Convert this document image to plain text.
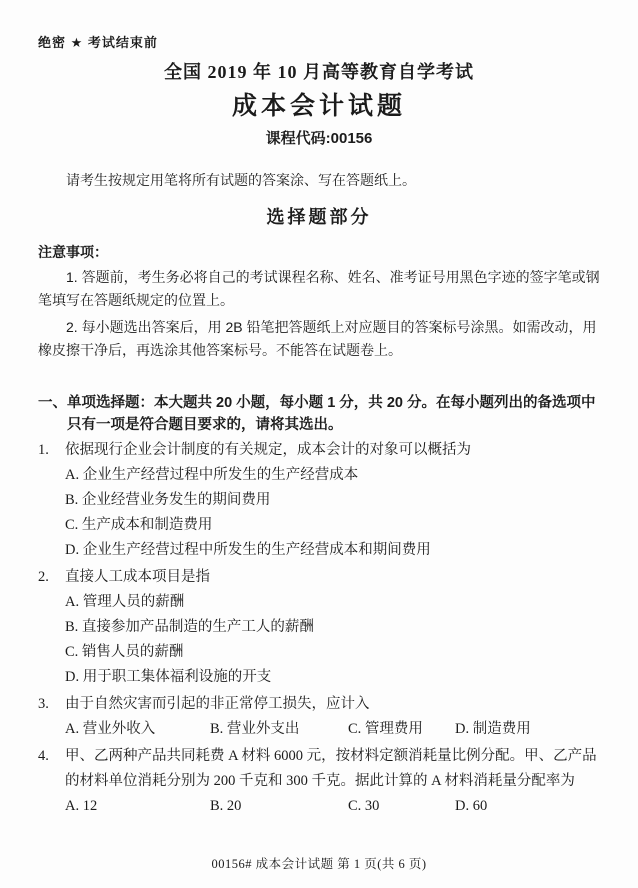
绝密 ★ 考试结束前
全国 2019 年 10 月高等教育自学考试
成本会计试题
课程代码:00156

请考生按规定用笔将所有试题的答案涂、写在答题纸上。

选择题部分
注意事项：

1. 答题前，考生务必将自己的考试课程名称、姓名、准考证号用黑色字迹的签字笔或钢笔填写在答题纸规定的位置上。

2. 每小题选出答案后，用 2B 铅笔把答题纸上对应题目的答案标号涂黑。如需改动，用橡皮擦干净后，再选涂其他答案标号。不能答在试题卷上。

一、单项选择题：本大题共 20 小题，每小题 1 分，共 20 分。在每小题列出的备选项中
只有一项是符合题目要求的，请将其选出。
1. 依据现行企业会计制度的有关规定，成本会计的对象可以概括为
A. 企业生产经营过程中所发生的生产经营成本
B. 企业经营业务发生的期间费用
C. 生产成本和制造费用
D. 企业生产经营过程中所发生的生产经营成本和期间费用
2. 直接人工成本项目是指
A. 管理人员的薪酬
B. 直接参加产品制造的生产工人的薪酬
C. 销售人员的薪酬
D. 用于职工集体福利设施的开支
3. 由于自然灾害而引起的非正常停工损失，应计入
A. 营业外收入	B. 营业外支出	C. 管理费用	D. 制造费用
4. 甲、乙两种产品共同耗费 A 材料 6000 元，按材料定额消耗量比例分配。甲、乙产品的材料单位消耗分别为 200 千克和 300 千克。据此计算的 A 材料消耗量分配率为
A. 12	B. 20	C. 30	D. 60
00156# 成本会计试题 第 1 页(共 6 页)
